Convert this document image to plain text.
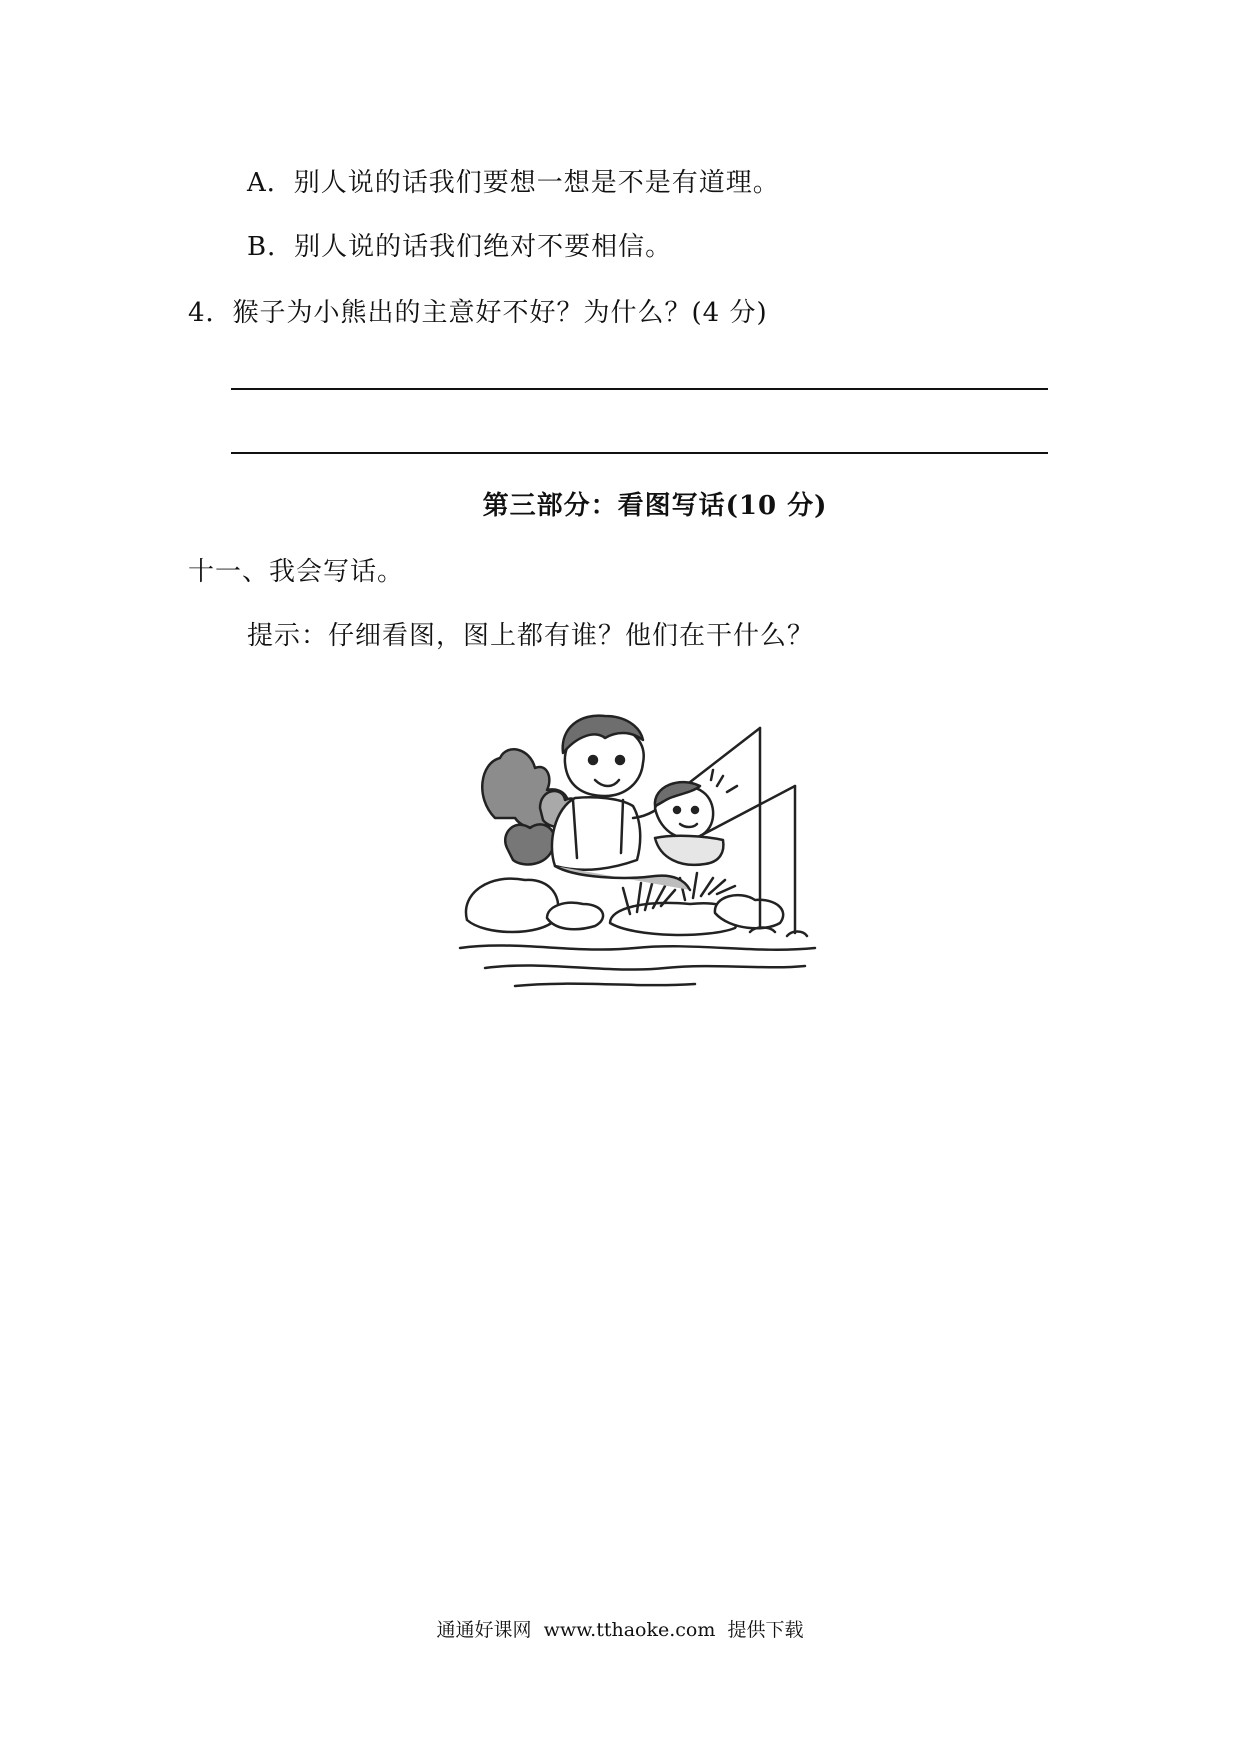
A．别人说的话我们要想一想是不是有道理。
B．别人说的话我们绝对不要相信。
4．猴子为小熊出的主意好不好？为什么？(4 分)
第三部分：看图写话(10 分)
十一、我会写话。
提示：仔细看图，图上都有谁？他们在干什么？
通通好课网  www.tthaoke.com  提供下载
